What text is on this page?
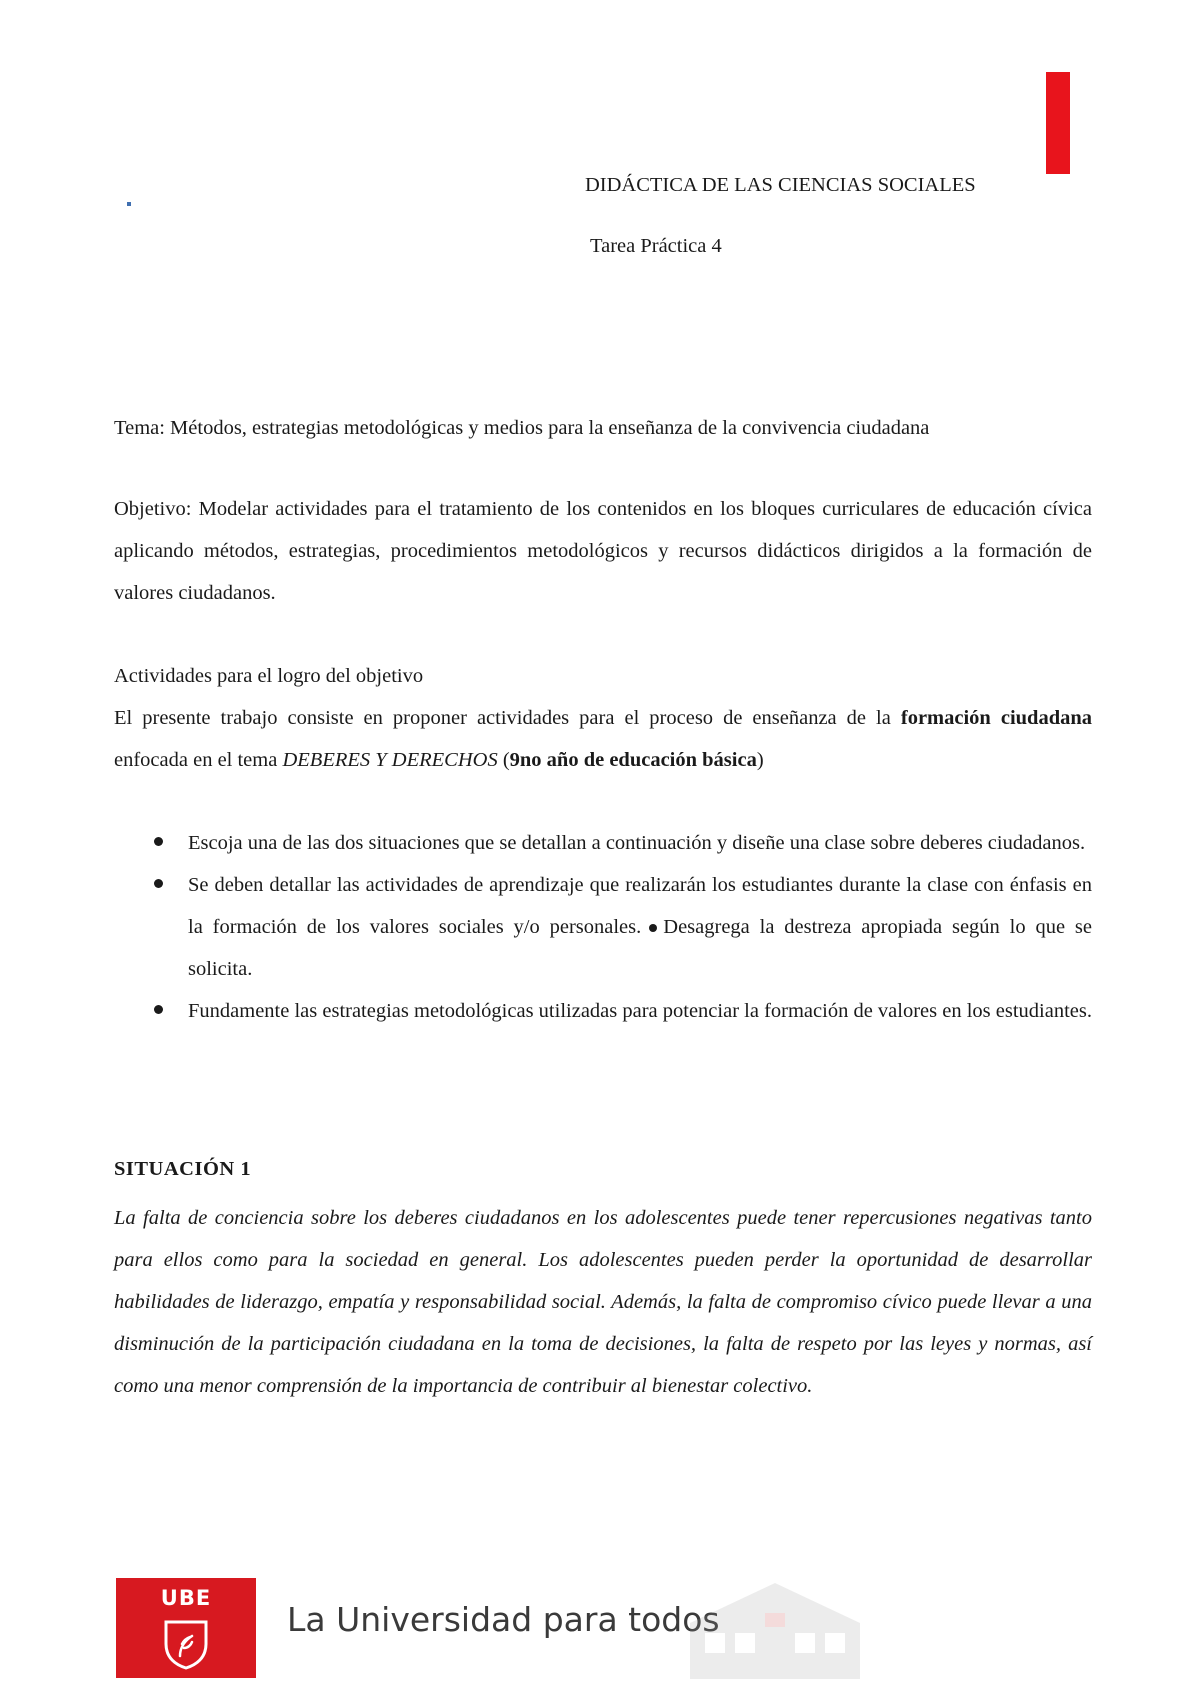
DIDÁCTICA DE LAS CIENCIAS SOCIALES
Tarea Práctica 4
Tema: Métodos, estrategias metodológicas y medios para la enseñanza de la convivencia ciudadana
Objetivo: Modelar actividades para el tratamiento de los contenidos en los bloques curriculares de educación cívica aplicando métodos, estrategias, procedimientos metodológicos y recursos didácticos dirigidos a la formación de valores ciudadanos.
Actividades para el logro del objetivo
El presente trabajo consiste en proponer actividades para el proceso de enseñanza de la formación ciudadana enfocada en el tema DEBERES Y DERECHOS (9no año de educación básica)
Escoja una de las dos situaciones que se detallan a continuación y diseñe una clase sobre deberes ciudadanos.
Se deben detallar las actividades de aprendizaje que realizarán los estudiantes durante la clase con énfasis en la formación de los valores sociales y/o personales. Desagrega la destreza apropiada según lo que se solicita.
Fundamente las estrategias metodológicas utilizadas para potenciar la formación de valores en los estudiantes.
SITUACIÓN 1
La falta de conciencia sobre los deberes ciudadanos en los adolescentes puede tener repercusiones negativas tanto para ellos como para la sociedad en general. Los adolescentes pueden perder la oportunidad de desarrollar habilidades de liderazgo, empatía y responsabilidad social. Además, la falta de compromiso cívico puede llevar a una disminución de la participación ciudadana en la toma de decisiones, la falta de respeto por las leyes y normas, así como una menor comprensión de la importancia de contribuir al bienestar colectivo.
UBE
La Universidad para todos
